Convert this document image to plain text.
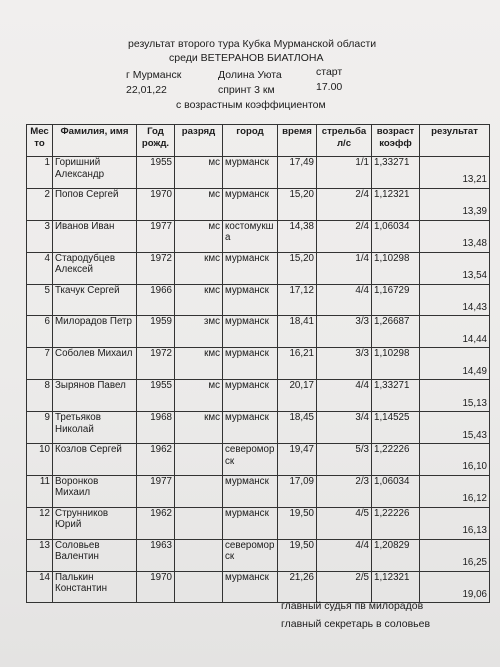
результат второго тура Кубка Мурманской области
среди ВЕТЕРАНОВ БИАТЛОНА
г Мурманск	Долина Уюта	старт
22,01,22	спринт 3 км	17.00
с возрастным коэффициентом
Мес то	Фамилия, имя	Год рожд.	разряд	город	время	стрельба л/с	возраст коэфф	результат
1	Горишний Александр	1955	мс	мурманск	17,49	1/1	1,33271	13,21
2	Попов Сергей	1970	мс	мурманск	15,20	2/4	1,12321	13,39
3	Иванов Иван	1977	мс	костомукша	14,38	2/4	1,06034	13,48
4	Стародубцев Алексей	1972	кмс	мурманск	15,20	1/4	1,10298	13,54
5	Ткачук Сергей	1966	кмс	мурманск	17,12	4/4	1,16729	14,43
6	Милорадов Петр	1959	змс	мурманск	18,41	3/3	1,26687	14,44
7	Соболев Михаил	1972	кмс	мурманск	16,21	3/3	1,10298	14,49
8	Зырянов Павел	1955	мс	мурманск	20,17	4/4	1,33271	15,13
9	Третьяков Николай	1968	кмс	мурманск	18,45	3/4	1,14525	15,43
10	Козлов Сергей	1962		североморск	19,47	5/3	1,22226	16,10
11	Воронков Михаил	1977		мурманск	17,09	2/3	1,06034	16,12
12	Струнников Юрий	1962		мурманск	19,50	4/5	1,22226	16,13
13	Соловьев Валентин	1963		североморск	19,50	4/4	1,20829	16,25
14	Палькин Константин	1970		мурманск	21,26	2/5	1,12321	19,06
главный судья пв милорадов
главный секретарь в соловьев
